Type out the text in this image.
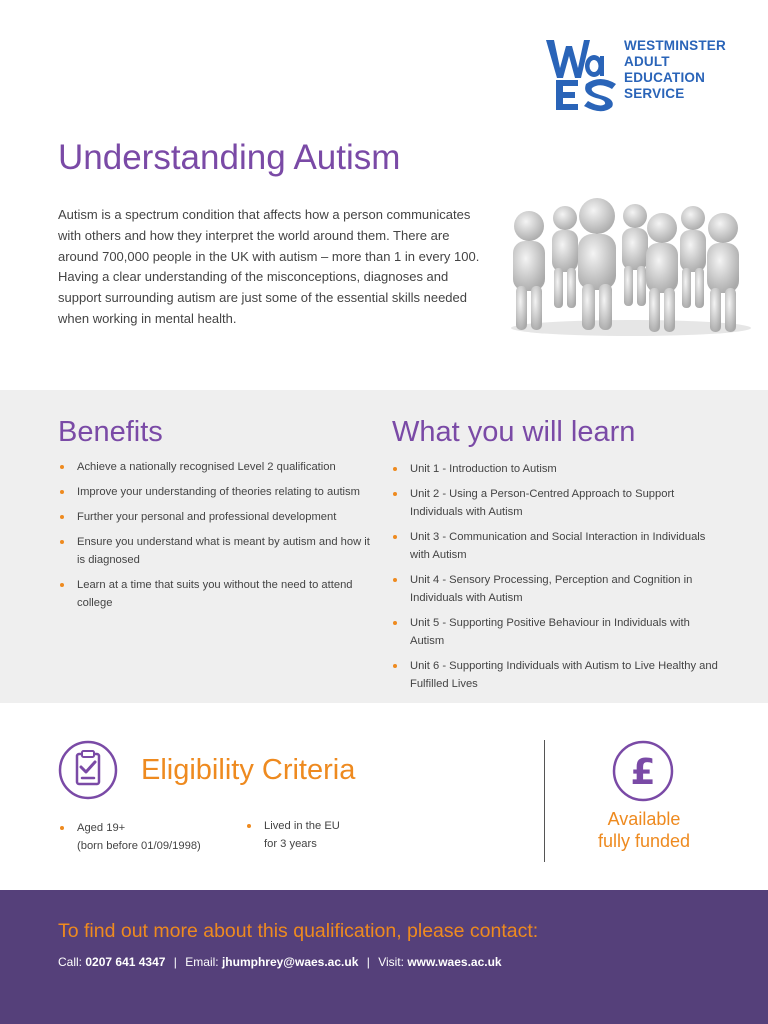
WESTMINSTER
ADULT
EDUCATION
SERVICE
Understanding Autism

Autism is a spectrum condition that affects how a person communicates with others and how they interpret the world around them. There are around 700,000 people in the UK with autism – more than 1 in every 100. Having a clear understanding of the misconceptions, diagnoses and support surrounding autism are just some of the essential skills needed when working in mental health.

Benefits
Achieve a nationally recognised Level 2 qualification
Improve your understanding of theories relating to autism
Further your personal and professional development
Ensure you understand what is meant by autism and how it is diagnosed
Learn at a time that suits you without the need to attend college
What you will learn
Unit 1 - Introduction to Autism
Unit 2 - Using a Person-Centred Approach to Support Individuals with Autism
Unit 3 - Communication and Social Interaction in Individuals with Autism
Unit 4 - Sensory Processing, Perception and Cognition in Individuals with Autism
Unit 5 - Supporting Positive Behaviour in Individuals with Autism
Unit 6 - Supporting Individuals with Autism to Live Healthy and Fulfilled Lives
Eligibility Criteria
Aged 19+
(born before 01/09/1998)
Lived in the EU
for 3 years
£
Available
fully funded
To find out more about this qualification, please contact:
Call: 0207 641 4347 | Email: jhumphrey@waes.ac.uk | Visit: www.waes.ac.uk
